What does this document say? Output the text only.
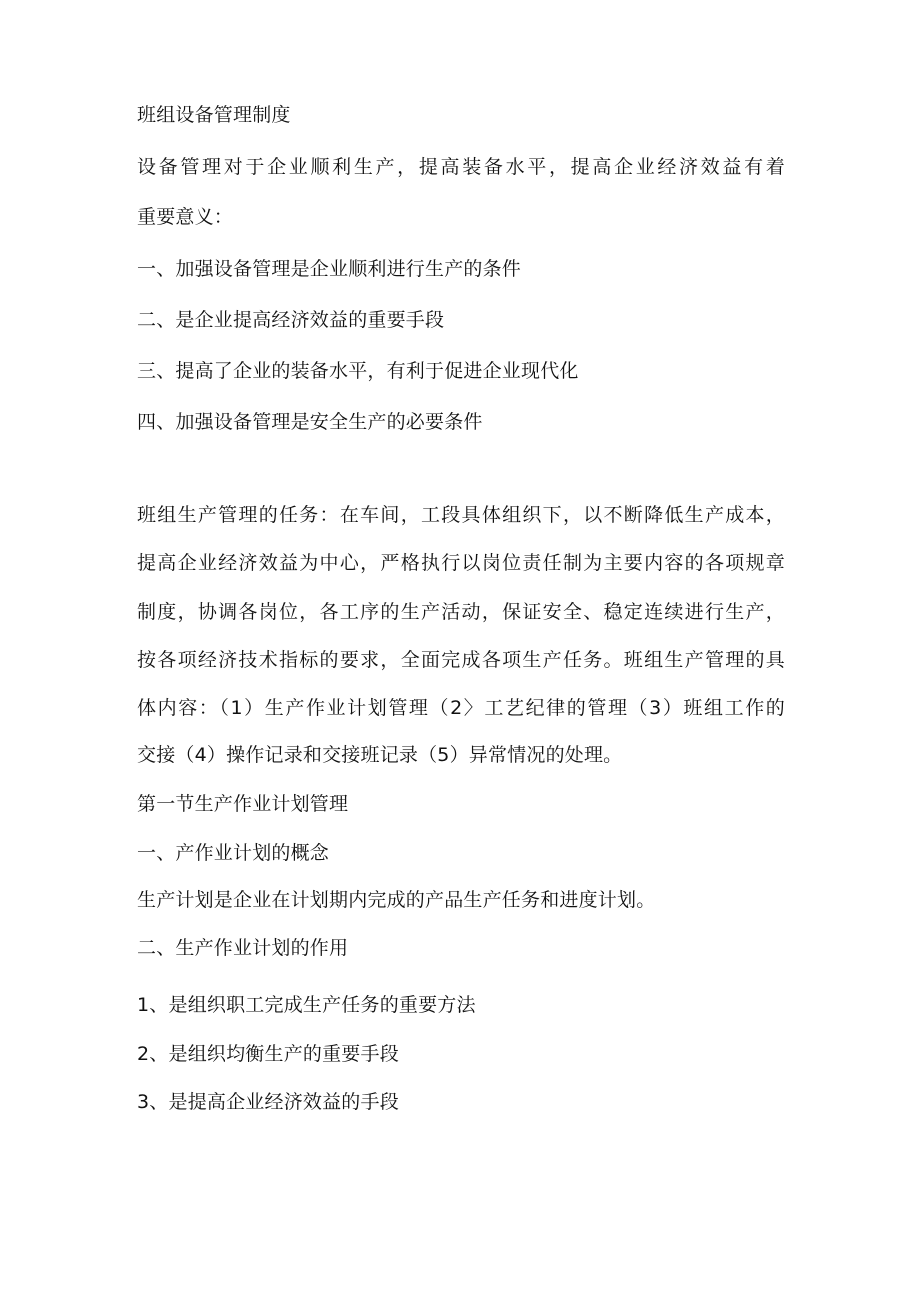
班组设备管理制度
设备管理对于企业顺利生产，提高装备水平，提高企业经济效益有着
重要意义：
一、加强设备管理是企业顺利进行生产的条件
二、是企业提高经济效益的重要手段
三、提高了企业的装备水平，有利于促进企业现代化
四、加强设备管理是安全生产的必要条件
班组生产管理的任务：在车间，工段具体组织下，以不断降低生产成本，
提高企业经济效益为中心，严格执行以岗位责任制为主要内容的各项规章
制度，协调各岗位，各工序的生产活动，保证安全、稳定连续进行生产，
按各项经济技术指标的要求，全面完成各项生产任务。班组生产管理的具
体内容：（1）生产作业计划管理（2〉工艺纪律的管理（3）班组工作的
交接（4）操作记录和交接班记录（5）异常情况的处理。
第一节生产作业计划管理
一、产作业计划的概念
生产计划是企业在计划期内完成的产品生产任务和进度计划。
二、生产作业计划的作用
1、是组织职工完成生产任务的重要方法
2、是组织均衡生产的重要手段
3、是提高企业经济效益的手段
